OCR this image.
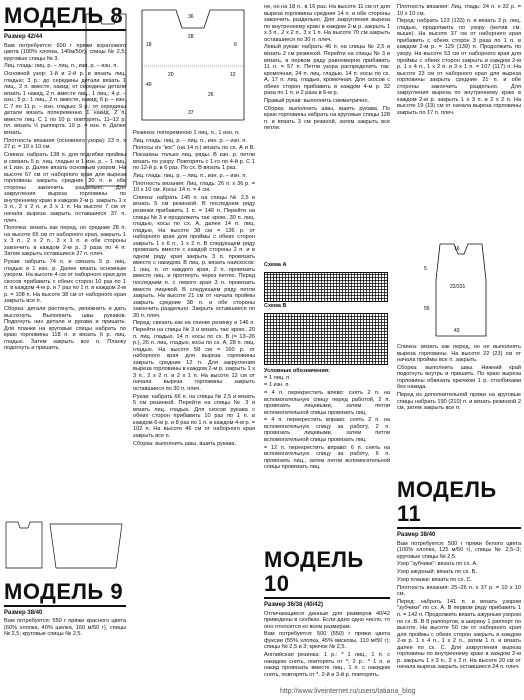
МОДЕЛЬ 8
Размер 42/44

Вам потребуется: 600 г пряжи коралового цвета (100% хлопка, 140м/50г), спицы № 2,5; круговые спицы № 3.

Лиц. гладь: лиц. р. – лиц. п., изн. р. – изн. п.

Основной узор: 1-й и 2-й р. в вязать лиц. гладью; 3 р.: до середины детали вязать 1 лиц., 2 п. вместе, накид; от середины детали вязать 1 накид, 2 п. вместе лиц., 1 лиц.; 4 р. – изн.; 5 р.: 1 лиц., 2 п. вместе, накид; 6 р. – изн. С 7 по 11 р. – изн. гладью; 9 р.: от середины детали вязать попеременно 1 накид, 2 п. вместе лиц. С 1 по 10 р. повторять, 11–12 р. пл. вязать ½ раппорта. 10 р. = изн. п. Далее вязать.

Плотность вязания (основного узора): 23 п. х 27 р. = 10 х 10 см.

Спинка: набрать 138 п. для подгибки проймы и связать 5 р. лиц. гладью и 1 изн. р. – 1 лиц. и 1 изн. р. Далее вязать основным узором. На высоте 67 см от наборного края для выреза горловины закрыть средние 30 п. и обе стороны закончить раздельно. Для закругления выреза горловины по внутреннему краю в каждом 2-м р. закрыть 1 х 3 п., 2 х 2 п. и 3 х 1 п. На высоте 7 см от начала выреза закрыть оставшиеся 37 п. плеч.

Полочка: вязать как перед, но средние 28 п. на высоте 65 см от наборного края, закрыть 1 х 3 п., 2 х 2 п., 3 х 1 п. и обе стороны закончить в каждом 2-м р. 3 раза по 4 п. Затем закрыть оставшиеся 37 п. плеч.

Рукав: набрать 74 п. и связать 5 р. лиц. гладью и 1 изн. р. Далее вязать основным узором. На высоте 4 см от наборного края для скосов прибавить с обеих сторон 10 раз по 1 п. в каждом 4-м р. и 7 раз по 1 п. в каждом 2-м р. = 108 п. На высоте 38 см от наборного края закрыть все п.

Сборка: детали растянуть, увлажнить и дать высохнуть. Выполнить швы рукавов. Подогнуть низ детали и рукава и пришить. Для планки на круговые спицы набрать по краю горловины 118 п. и вязать 6 р. лиц. гладью. Затем закрыть все п. Планку подогнуть и пришить.

МОДЕЛЬ 9
Размер 38/40

Вам потребуется: 550 г пряжи красного цвета (60% хлопка, 40% шелка, 160 м/50 г), спицы № 2,5; круговые спицы № 2,5.

36
28
18
40
37
6
12
20
26

Резинка: попеременно 1 лиц. п., 1 изн. п.

Лиц. гладь: лиц. р. – лиц. п., изн. р. – изн. п.

Полосы из "кос" (на 14 п.) вязать по сх. А и В. Показаны только лиц. ряды. В изн. р. петли вязать по узору. Повторять с 1-го по 4-й р. С 1 по 12-й р. в 6 раз. По сх. В вязать 1 раз.

Лиц. гладь: лиц. р. – лиц. п., изн. р. – изн. п.

Плотность вязания: Лиц. гладь: 26 п. х 36 р. = 10 х 10 см. Косы: 14 п. = 4 см.

Спинка: набрать 145 п. на спицы № 2,5 и вязать 5 см резинкой. В последнем ряду резинки прибавить 1 п. = 146 п. Перейти на спицы № 3 и продолжить так: кром., 30 п. лиц. гладью, косы по сх. А, далее 14 п. лиц. гладью, На высоте 38 см = 136 р. от наборного края для проймы с обеих сторон закрыть 1 х 6 п., 1 х 2 п. В следующем ряду провязать вместе с каждой стороны 2 п. и в одном ряду края закрыть 3 п. провязать вместе с накидом. В лиц. р. вязать наискосок: 1 лиц. п. от каждого края, 2 п. провязать вместе лиц. и протянуть через петлю. Перед последним п. с левого края 3 п. провязать вместе лицевой. В следующем ряду петли закрыть. На высоте 21 см от начала проймы закрыть средние 38 п. и обе стороны закончить раздельно. Закрыть оставшиеся по 30 п. плеч.

Перед: связать как на спинке резинку и 146 п. Перейти на спицы № 3 и вязать так: кром., 20 п. лиц. гладью, 14 п. косы по сх. В (= 13–26 р.), 26 п. лиц. гладью, косы по сх. А, 28 п. лиц. гладью. На высоте 58 см = 160 р. от наборного края для выреза горловины закрыть средние 12 п. Для закругления выреза горловины в каждом 2-м р. закрыть 1 х 3 п., 2 х 2 п. и 2 х 1 п. На высоте 12 см от начала выреза горловины закрыть оставшиеся по 30 п. плеч.

Рукав: набрать 66 п. на спицы № 2,5 и вязать 5 см резинкой. Перейти на спицы № 3 и вязать лиц. гладью. Для скосов рукава с обеих сторон прибавить 10 раз по 1 п. в каждом 6-м р. и 8 раз по 1 п. в каждом 4-м р. = 102 п. На высоте 46 см от наборного края закрыть все п.

Сборка: выполнить швы, вшить рукава.

не, но на 18 п., в 16 раз. На высоте 11 см от для выреза горловины средние 14 п. и обе стороны закончить раздельно. Для закругления выреза по внутреннему краю в каждом 2-м р. закрыть 1 х 3 п., 2 х 2 п., 3 х 1 п. На высоте 70 см закрыть оставшиеся по 30 п. плеч.

Левый рукав: набрать 46 п. на спицы № 2,5 и вязать 2 см резинкой. Перейти на спицы № 3 и вязать, в первом ряду равномерно прибавить 11 п. = 57 п. Петли узора распределить так: кромочная, 24 п. лиц. гладью, 14 п. косы по сх. А, 17 п. лиц. гладью, кромочная. Для скосов с обеих сторон прибавить в каждом 4-м р. 32 раза по 1 п. и 2 раза в 6-м р.

Правый рукав: выполнить симметрично.

Сборка: выполнить швы, вшить рукава. По краю горловины набрать на круговые спицы 128 п. и вязать 3 см резиной, затем закрыть все петли.

Схема А
Схема В
Условные обозначения:

= 1 лиц. п.

= 1 изн. п.

= 4 п. перекрестить влево: снять 2 п. на вспомогательную спицу перед работой, 2 п. провязать лицевыми, затем петли вспомогательной спицы провязать лиц.

= 4 п. перекрестить вправо: снять 2 п. на вспомогательную спицу за работу, 2 п. провязать лицевыми, затем петли вспомогательной спицы провязать лиц.

= 12 п. перекрестить вправо: 6 п. снять на вспомогательную спицу за работу, 6 п. провязать лиц., затем петли вспомогательной спицы провязать лиц.

МОДЕЛЬ 10
Размер 36/38 (40/42)

Отличающиеся данные для размеров 40/42 приведены в скобках. Если дано одно число, то оно относится ко всем размерам.

Вам потребуется: 500 (550) г пряжи цвета фуксии (55% хлопка, 45% вискозы, 110 м/50 г); спицы № 2,5 и 3; крючок № 2,5.

Английская резинка: 1 р.: * 1 лиц., 1 п. с накидом снять, повторять от *; 2 р.: * 1 п. и накид провязать вместе лиц., 1 п. с накидом снять, повторять от *. 2-й и 3-й р. повторять.

Плотность вязания: Лиц. гладь: 24 п. х 32 р. = 10 х 10 см.

Перед: набрать 123 (133) п. и вязать 3 р. лиц. гладью, продолжить по узору (мотив см. выше). На высоте 37 см от наборного края прибавить с обеих сторон 3 раза по 1 п. в каждом 2-м р. = 129 (139) п. Продолжить по узору. На высоте 53 см от наборного края для проймы с обеих сторон закрыть в каждом 2-м р. 1 х 4 п., 1 х 2 п. и 3 х 1 п. = 107 (117) п. На высоте 23 см от наборного края для выреза горловины закрыть средние 21 п. и обе стороны закончить раздельно. Для закругления выреза по внутреннему краю в каждом 2-м р. закрыть 1 х 3 п. и 2 х 2 п. На высоте 19 (19) см от начала выреза горловины закрыть по 17 п. плеч.

16
5
22/231
55
43

Спинка: вязать как перед, но не выполнять выреза горловины. На высоте 22 (23) см от начала проймы все п. закрыть.

Сборка: выполнить швы. Нижний край подогнуть внутрь и пришить. По краю выреза горловины обвязать крючком 1 р. столбиками без накида.

Перед из дополнительной пряжи на круговые спицы набрать 190 (210) п. и вязать резинкой 2 см, затем закрыть все п.

МОДЕЛЬ 11
Размер 38/40

Вам потребуется: 500 г пряжи белого цвета (100% хлопка, 125 м/50 г), спицы № 2,5–3; круговые спицы № 2,5.

Узор "зубчики": вязать по сх. А.

Узор ажурный: вязать по сх. В.

Узор планки: вязать по сх. С.

Плотность вязания: 25–26 п. х 37 р. = 10 х 10 см.

Перед: набрать 141 п. и вязать узором "зубчики" по сх. А. В первом ряду прибавить 1 п. = 142 п. Продолжить вязать ажурным узором по сх. В. В 8 раппортов, в ширину 1 раппорт по высоте. На высоте 50 см от наборного края для проймы с обеих сторон закрыть в каждом 2-м р. 1 х 4 п., 1 х 2 п., затем 1 п. и вязать далее по сх. С. Для закругления выреза горловины по внутреннему краю в каждом 2-м р. закрыть 1 х 3 п., 2 х 2 п. На высоте 20 см от начала выреза закрыть оставшиеся 24 п. плеч.

http://www.liveinternet.ru/users/tatiana_blog
